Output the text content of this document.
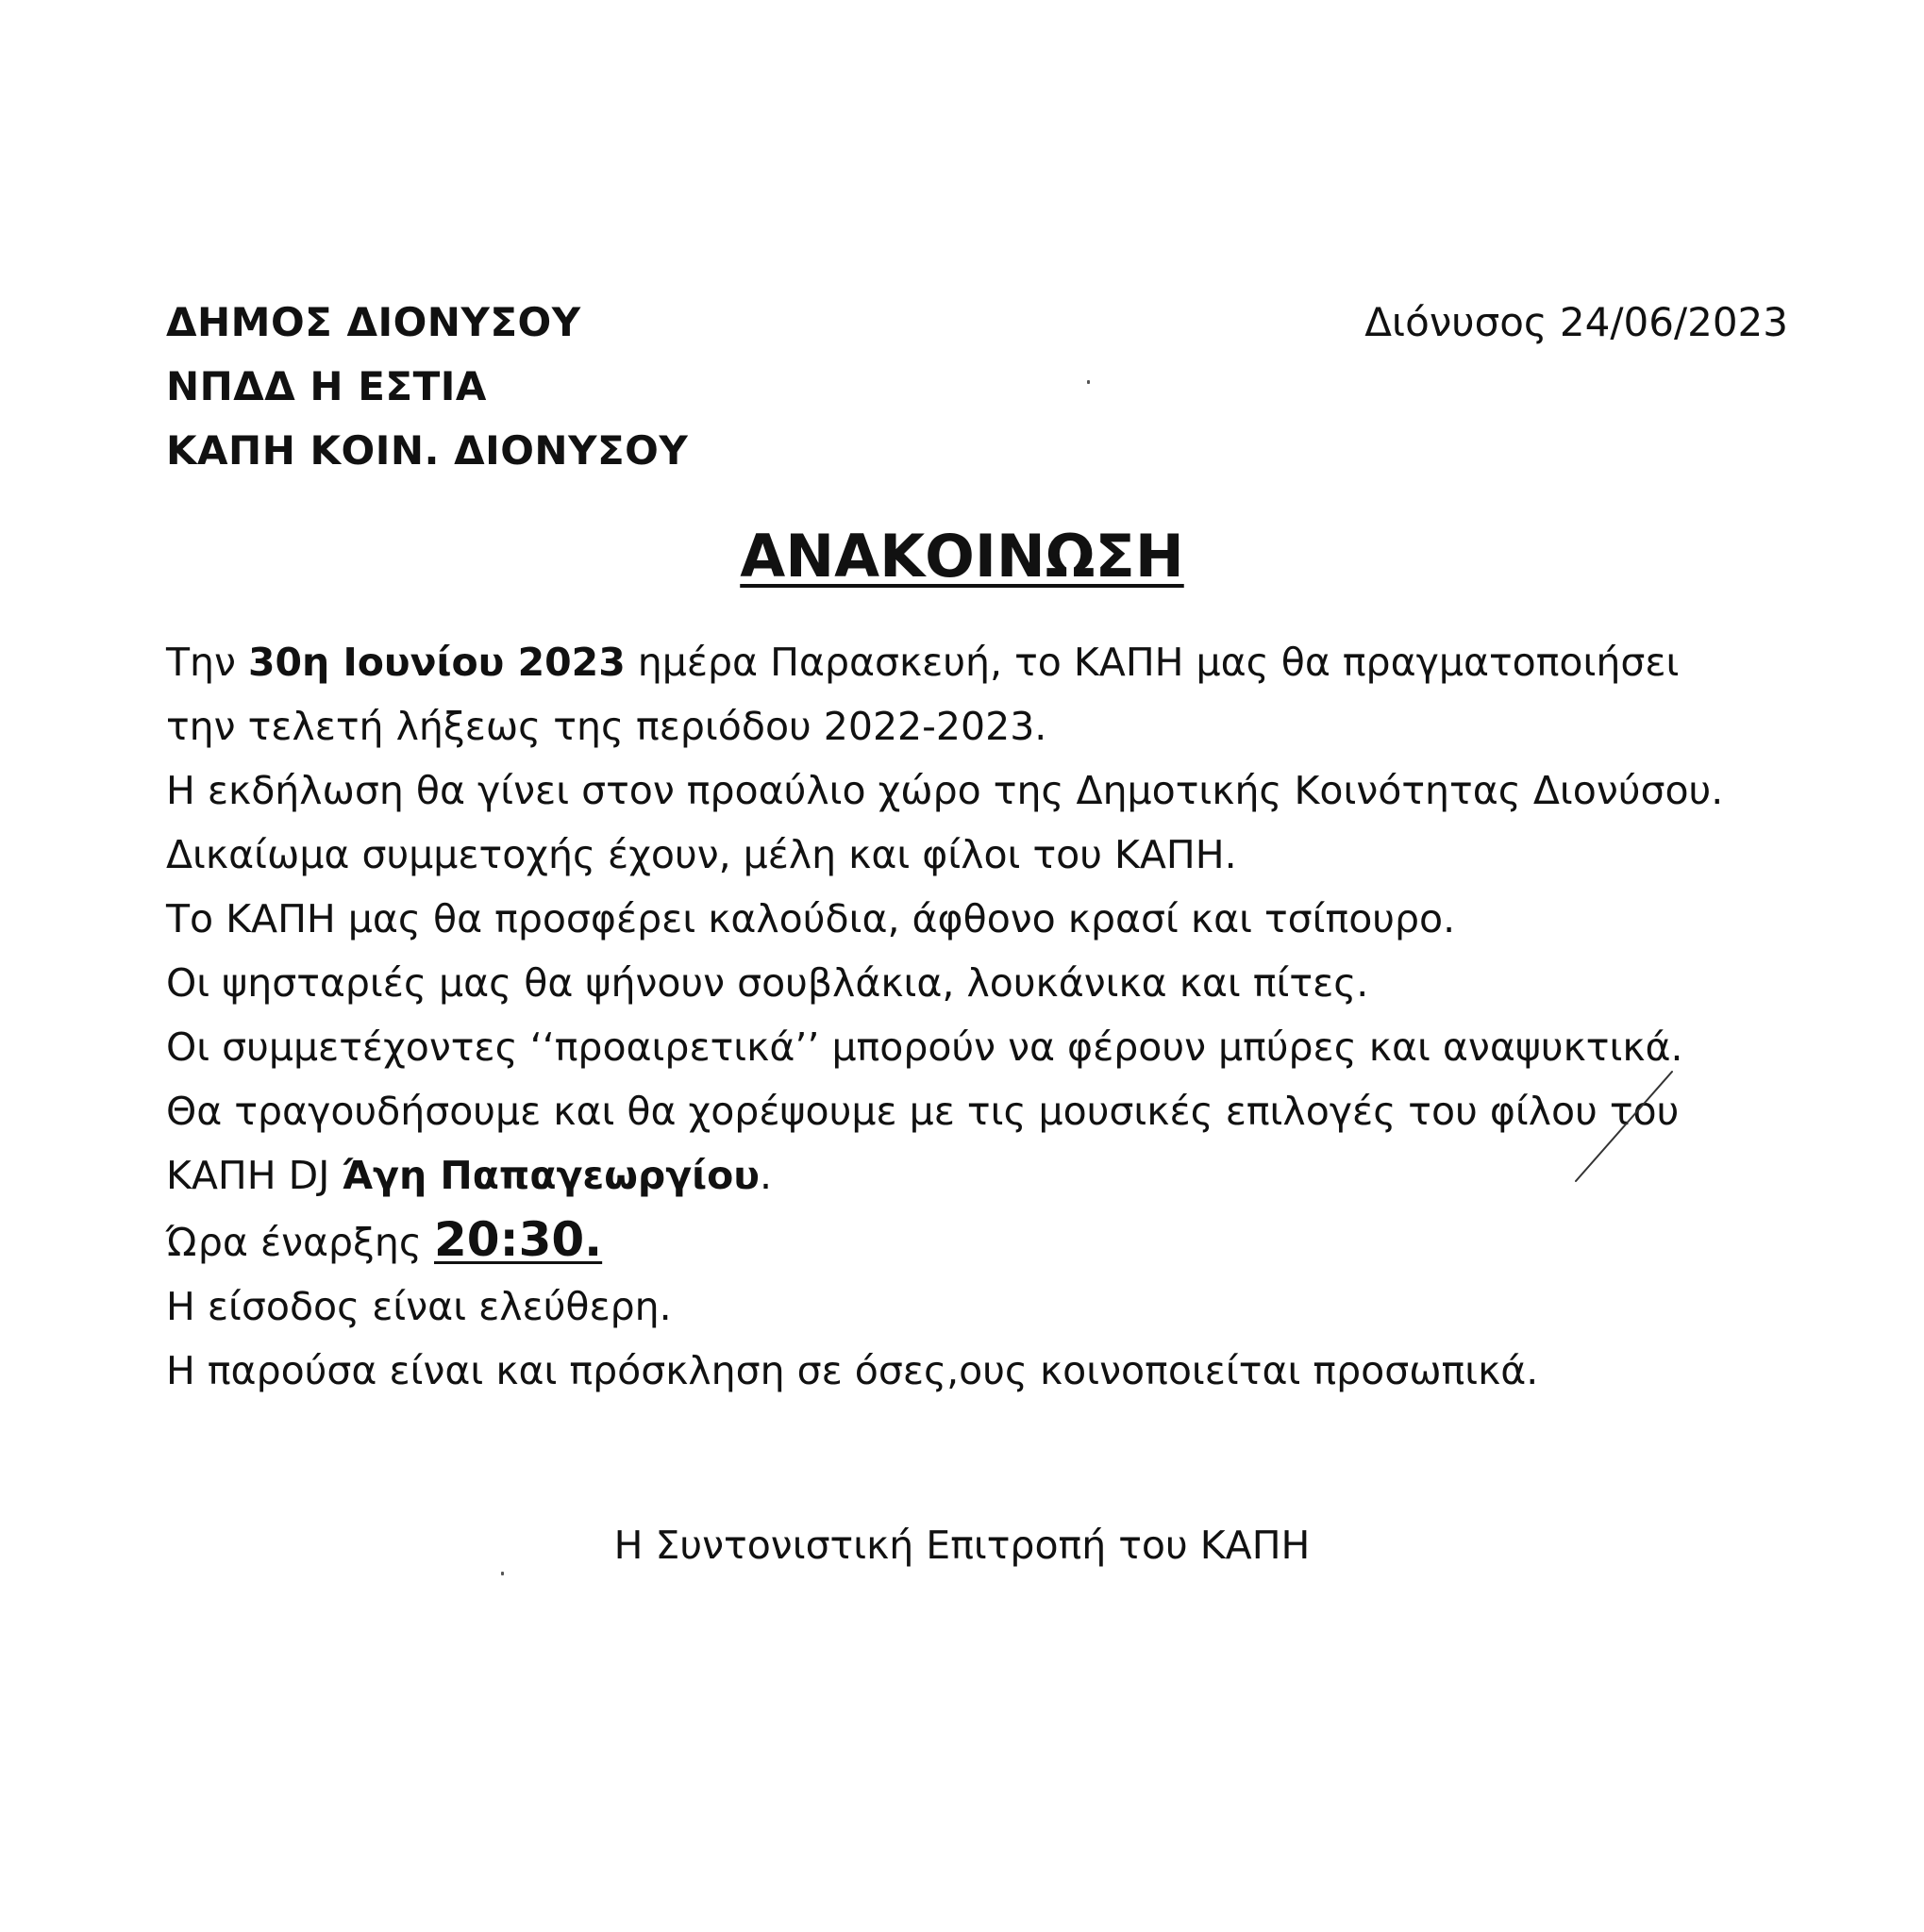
ΔΗΜΟΣ ΔΙΟΝΥΣΟΥ
ΝΠΔΔ Η ΕΣΤΙΑ
ΚΑΠΗ ΚΟΙΝ. ΔΙΟΝΥΣΟΥ
Διόνυσος 24/06/2023
ΑΝΑΚΟΙΝΩΣΗ
Την 30η Ιουνίου 2023 ημέρα Παρασκευή, το ΚΑΠΗ μας θα πραγματοποιήσει
την τελετή λήξεως της περιόδου 2022-2023.
Η εκδήλωση θα γίνει στον προαύλιο χώρο της Δημοτικής Κοινότητας Διονύσου.
Δικαίωμα συμμετοχής έχουν, μέλη και φίλοι του ΚΑΠΗ.
Το ΚΑΠΗ μας θα προσφέρει καλούδια, άφθονο κρασί και τσίπουρο.
Οι ψησταριές μας θα ψήνουν σουβλάκια, λουκάνικα και πίτες.
Οι συμμετέχοντες ‘‘προαιρετικά’’ μπορούν να φέρουν μπύρες και αναψυκτικά.
Θα τραγουδήσουμε και θα χορέψουμε με τις μουσικές επιλογές του φίλου του
ΚΑΠΗ DJ Άγη Παπαγεωργίου.
Ώρα έναρξης 20:30.
Η είσοδος είναι ελεύθερη.
Η παρούσα είναι και πρόσκληση σε όσες,ους κοινοποιείται προσωπικά.
Η Συντονιστική Επιτροπή του ΚΑΠΗ
